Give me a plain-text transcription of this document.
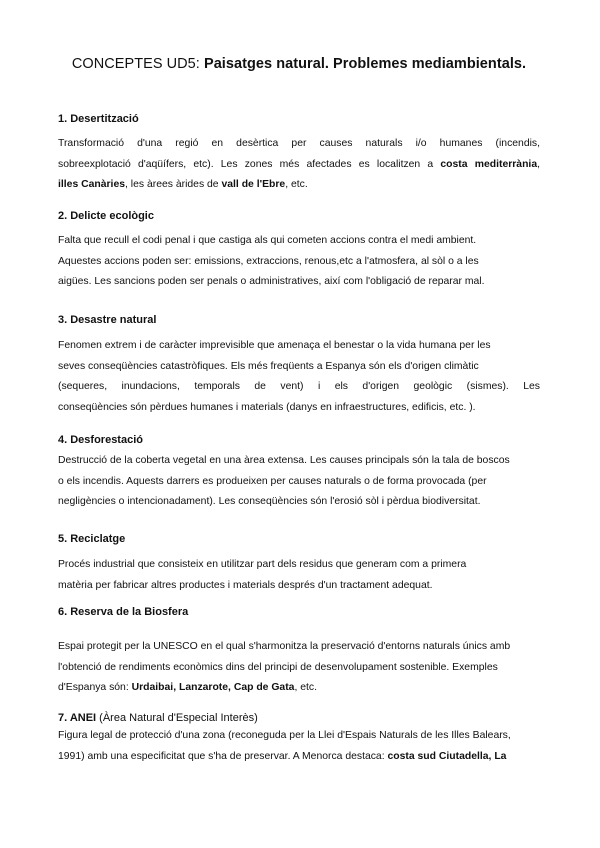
CONCEPTES UD5: Paisatges natural. Problemes mediambientals.
1. Desertització
Transformació d'una regió en desèrtica per causes naturals i/o humanes (incendis,
sobreexplotació d'aqüífers, etc). Les zones més afectades es localitzen a costa mediterrània,
illes Canàries, les àrees àrides de vall de l'Ebre, etc.
2. Delicte ecològic
Falta que recull el codi penal i que castiga als qui cometen accions contra el medi ambient.
Aquestes accions poden ser: emissions, extraccions, renous,etc a l'atmosfera, al sòl o a les
aigües. Les sancions poden ser penals o administratives, així com l'obligació de reparar mal.
3. Desastre natural
Fenomen extrem i de caràcter imprevisible que amenaça el benestar o la vida humana per les
seves conseqüències catastròfiques. Els més freqüents a Espanya són els d'origen climàtic
(sequeres, inundacions, temporals de vent) i els d'origen geològic (sismes). Les
conseqüències són pèrdues humanes i materials (danys en infraestructures, edificis, etc. ).
4. Desforestació
Destrucció de la coberta vegetal en una àrea extensa. Les causes principals són la tala de boscos
o els incendis. Aquests darrers es produeixen per causes naturals o de forma provocada (per
negligències o intencionadament). Les conseqüències són l'erosió sòl i pèrdua biodiversitat.
5. Reciclatge
Procés industrial que consisteix en utilitzar part dels residus que generam com a primera
matèria per fabricar altres productes i materials després d'un tractament adequat.
6. Reserva de la Biosfera
Espai protegit per la UNESCO en el qual s'harmonitza la preservació d'entorns naturals únics amb
l'obtenció de rendiments econòmics dins del principi de desenvolupament sostenible. Exemples
d'Espanya són: Urdaibai, Lanzarote, Cap de Gata, etc.
7. ANEI (Àrea Natural d'Especial Interès)
Figura legal de protecció d'una zona (reconeguda per la Llei d'Espais Naturals de les Illes Balears,
1991) amb una especificitat que s'ha de preservar. A Menorca destaca: costa sud Ciutadella, La
